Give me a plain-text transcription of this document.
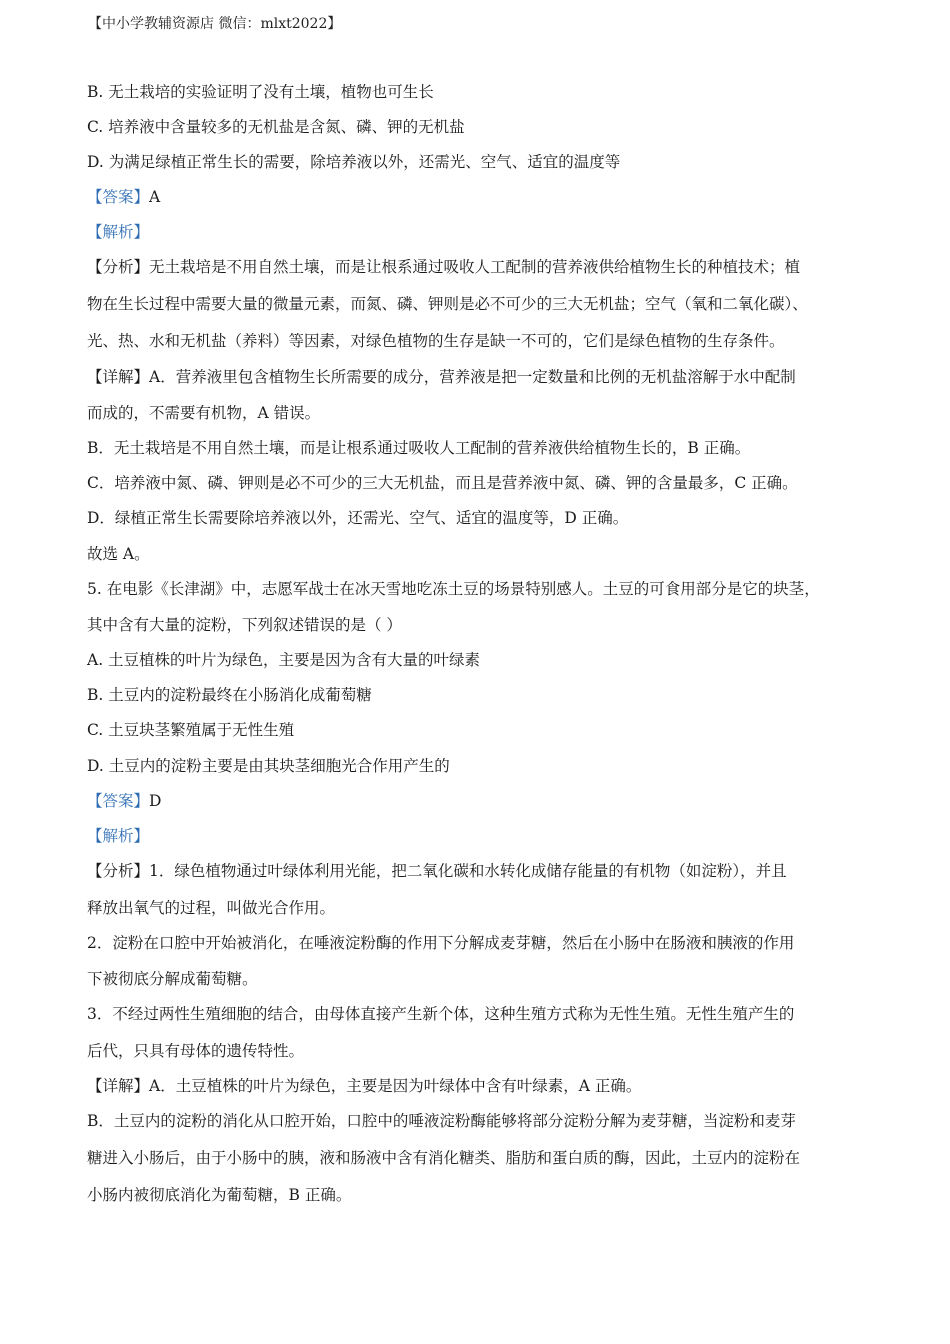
【中小学教辅资源店 微信：mlxt2022】
B. 无土栽培的实验证明了没有土壤，植物也可生长
C. 培养液中含量较多的无机盐是含氮、磷、钾的无机盐
D. 为满足绿植正常生长的需要，除培养液以外，还需光、空气、适宜的温度等
【答案】A
【解析】
【分析】无土栽培是不用自然土壤，而是让根系通过吸收人工配制的营养液供给植物生长的种植技术；植
物在生长过程中需要大量的微量元素，而氮、磷、钾则是必不可少的三大无机盐；空气（氧和二氧化碳）、
光、热、水和无机盐（养料）等因素，对绿色植物的生存是缺一不可的，它们是绿色植物的生存条件。
【详解】A．营养液里包含植物生长所需要的成分，营养液是把一定数量和比例的无机盐溶解于水中配制
而成的，不需要有机物，A 错误。
B．无土栽培是不用自然土壤，而是让根系通过吸收人工配制的营养液供给植物生长的，B 正确。
C．培养液中氮、磷、钾则是必不可少的三大无机盐，而且是营养液中氮、磷、钾的含量最多，C 正确。
D．绿植正常生长需要除培养液以外，还需光、空气、适宜的温度等，D 正确。
故选 A。
5. 在电影《长津湖》中，志愿军战士在冰天雪地吃冻土豆的场景特别感人。土豆的可食用部分是它的块茎，
其中含有大量的淀粉，下列叙述错误的是（ ）
A. 土豆植株的叶片为绿色，主要是因为含有大量的叶绿素
B. 土豆内的淀粉最终在小肠消化成葡萄糖
C. 土豆块茎繁殖属于无性生殖
D. 土豆内的淀粉主要是由其块茎细胞光合作用产生的
【答案】D
【解析】
【分析】1．绿色植物通过叶绿体利用光能，把二氧化碳和水转化成储存能量的有机物（如淀粉），并且
释放出氧气的过程，叫做光合作用。
2．淀粉在口腔中开始被消化，在唾液淀粉酶的作用下分解成麦芽糖，然后在小肠中在肠液和胰液的作用
下被彻底分解成葡萄糖。
3．不经过两性生殖细胞的结合，由母体直接产生新个体，这种生殖方式称为无性生殖。无性生殖产生的
后代，只具有母体的遗传特性。
【详解】A．土豆植株的叶片为绿色，主要是因为叶绿体中含有叶绿素，A 正确。
B．土豆内的淀粉的消化从口腔开始，口腔中的唾液淀粉酶能够将部分淀粉分解为麦芽糖，当淀粉和麦芽
糖进入小肠后，由于小肠中的胰，液和肠液中含有消化糖类、脂肪和蛋白质的酶，因此，土豆内的淀粉在
小肠内被彻底消化为葡萄糖，B 正确。
